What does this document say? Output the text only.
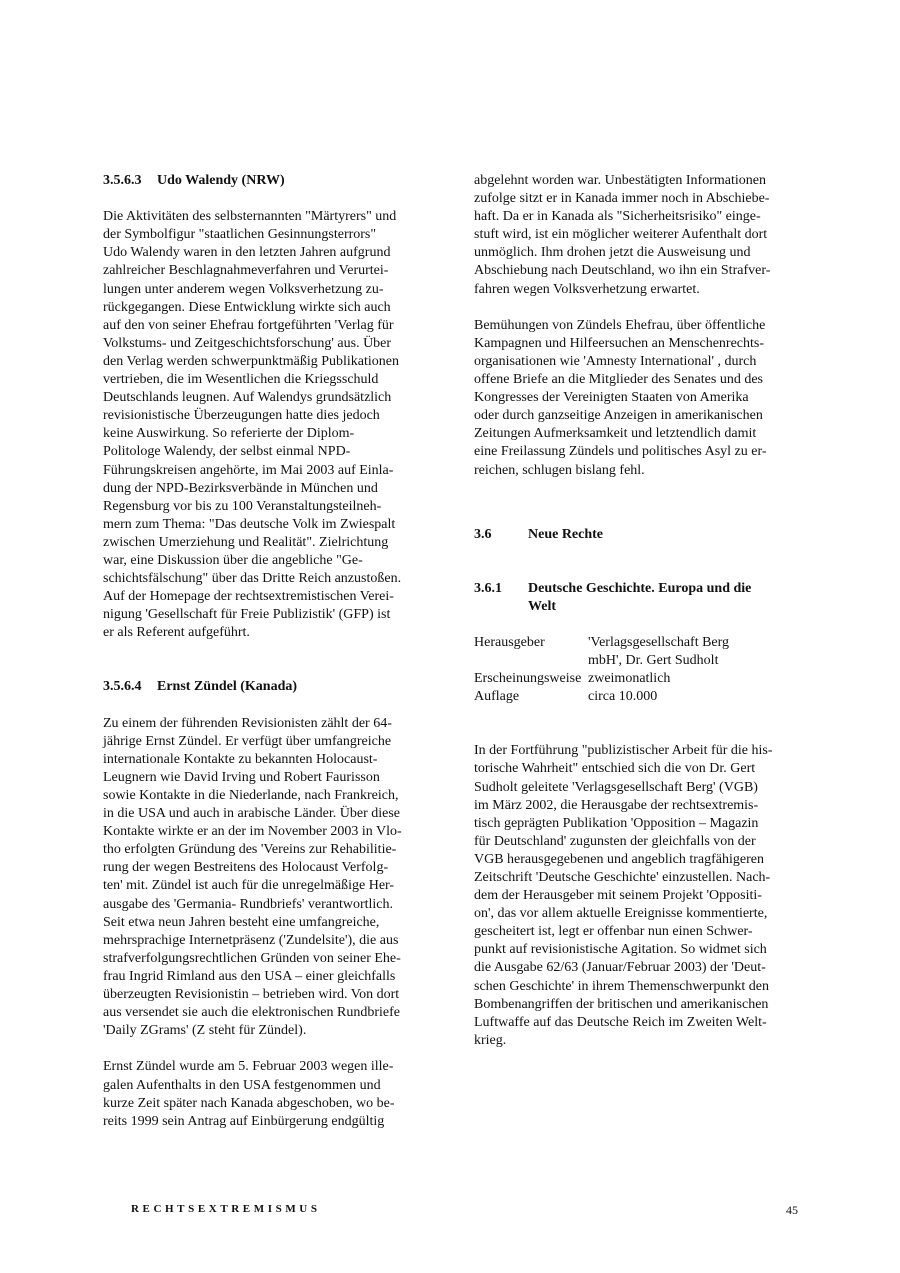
3.5.6.3 Udo Walendy (NRW)
Die Aktivitäten des selbsternannten "Märtyrers" und
der Symbolfigur "staatlichen Gesinnungsterrors"
Udo Walendy waren in den letzten Jahren aufgrund
zahlreicher Beschlagnahmeverfahren und Verurtei-
lungen unter anderem wegen Volksverhetzung zu-
rückgegangen. Diese Entwicklung wirkte sich auch
auf den von seiner Ehefrau fortgeführten 'Verlag für
Volkstums- und Zeitgeschichtsforschung' aus. Über
den Verlag werden schwerpunktmäßig Publikationen
vertrieben, die im Wesentlichen die Kriegsschuld
Deutschlands leugnen. Auf Walendys grundsätzlich
revisionistische Überzeugungen hatte dies jedoch
keine Auswirkung. So referierte der Diplom-
Politologe Walendy, der selbst einmal NPD-
Führungskreisen angehörte, im Mai 2003 auf Einla-
dung der NPD-Bezirksverbände in München und
Regensburg vor bis zu 100 Veranstaltungsteilneh-
mern zum Thema: "Das deutsche Volk im Zwiespalt
zwischen Umerziehung und Realität". Zielrichtung
war, eine Diskussion über die angebliche "Ge-
schichtsfälschung" über das Dritte Reich anzustoßen.
Auf der Homepage der rechtsextremistischen Verei-
nigung 'Gesellschaft für Freie Publizistik' (GFP) ist
er als Referent aufgeführt.
3.5.6.4 Ernst Zündel (Kanada)
Zu einem der führenden Revisionisten zählt der 64-
jährige Ernst Zündel. Er verfügt über umfangreiche
internationale Kontakte zu bekannten Holocaust-
Leugnern wie David Irving und Robert Faurisson
sowie Kontakte in die Niederlande, nach Frankreich,
in die USA und auch in arabische Länder. Über diese
Kontakte wirkte er an der im November 2003 in Vlo-
tho erfolgten Gründung des 'Vereins zur Rehabilitie-
rung der wegen Bestreitens des Holocaust Verfolg-
ten' mit. Zündel ist auch für die unregelmäßige Her-
ausgabe des 'Germania- Rundbriefs' verantwortlich.
Seit etwa neun Jahren besteht eine umfangreiche,
mehrsprachige Internetpräsenz ('Zundelsite'), die aus
strafverfolgungsrechtlichen Gründen von seiner Ehe-
frau Ingrid Rimland aus den USA – einer gleichfalls
überzeugten Revisionistin – betrieben wird. Von dort
aus versendet sie auch die elektronischen Rundbriefe
'Daily ZGrams' (Z steht für Zündel).
Ernst Zündel wurde am 5. Februar 2003 wegen ille-
galen Aufenthalts in den USA festgenommen und
kurze Zeit später nach Kanada abgeschoben, wo be-
reits 1999 sein Antrag auf Einbürgerung endgültig
abgelehnt worden war. Unbestätigten Informationen
zufolge sitzt er in Kanada immer noch in Abschiebe-
haft. Da er in Kanada als "Sicherheitsrisiko" einge-
stuft wird, ist ein möglicher weiterer Aufenthalt dort
unmöglich. Ihm drohen jetzt die Ausweisung und
Abschiebung nach Deutschland, wo ihn ein Strafver-
fahren wegen Volksverhetzung erwartet.
Bemühungen von Zündels Ehefrau, über öffentliche
Kampagnen und Hilfeersuchen an Menschenrechts-
organisationen wie 'Amnesty International' , durch
offene Briefe an die Mitglieder des Senates und des
Kongresses der Vereinigten Staaten von Amerika
oder durch ganzseitige Anzeigen in amerikanischen
Zeitungen Aufmerksamkeit und letztendlich damit
eine Freilassung Zündels und politisches Asyl zu er-
reichen, schlugen bislang fehl.
3.6	Neue Rechte
3.6.1 Deutsche Geschichte. Europa und die
Welt
Herausgeber	'Verlagsgesellschaft Berg
mbH', Dr. Gert Sudholt
Erscheinungsweise zweimonatlich
Auflage	circa 10.000
In der Fortführung "publizistischer Arbeit für die his-
torische Wahrheit" entschied sich die von Dr. Gert
Sudholt geleitete 'Verlagsgesellschaft Berg' (VGB)
im März 2002, die Herausgabe der rechtsextremis-
tisch geprägten Publikation 'Opposition – Magazin
für Deutschland' zugunsten der gleichfalls von der
VGB herausgegebenen und angeblich tragfähigeren
Zeitschrift 'Deutsche Geschichte' einzustellen. Nach-
dem der Herausgeber mit seinem Projekt 'Oppositi-
on', das vor allem aktuelle Ereignisse kommentierte,
gescheitert ist, legt er offenbar nun einen Schwer-
punkt auf revisionistische Agitation. So widmet sich
die Ausgabe 62/63 (Januar/Februar 2003) der 'Deut-
schen Geschichte' in ihrem Themenschwerpunkt den
Bombenangriffen der britischen und amerikanischen
Luftwaffe auf das Deutsche Reich im Zweiten Welt-
krieg.
RECHTSEXTREMISMUS	45
